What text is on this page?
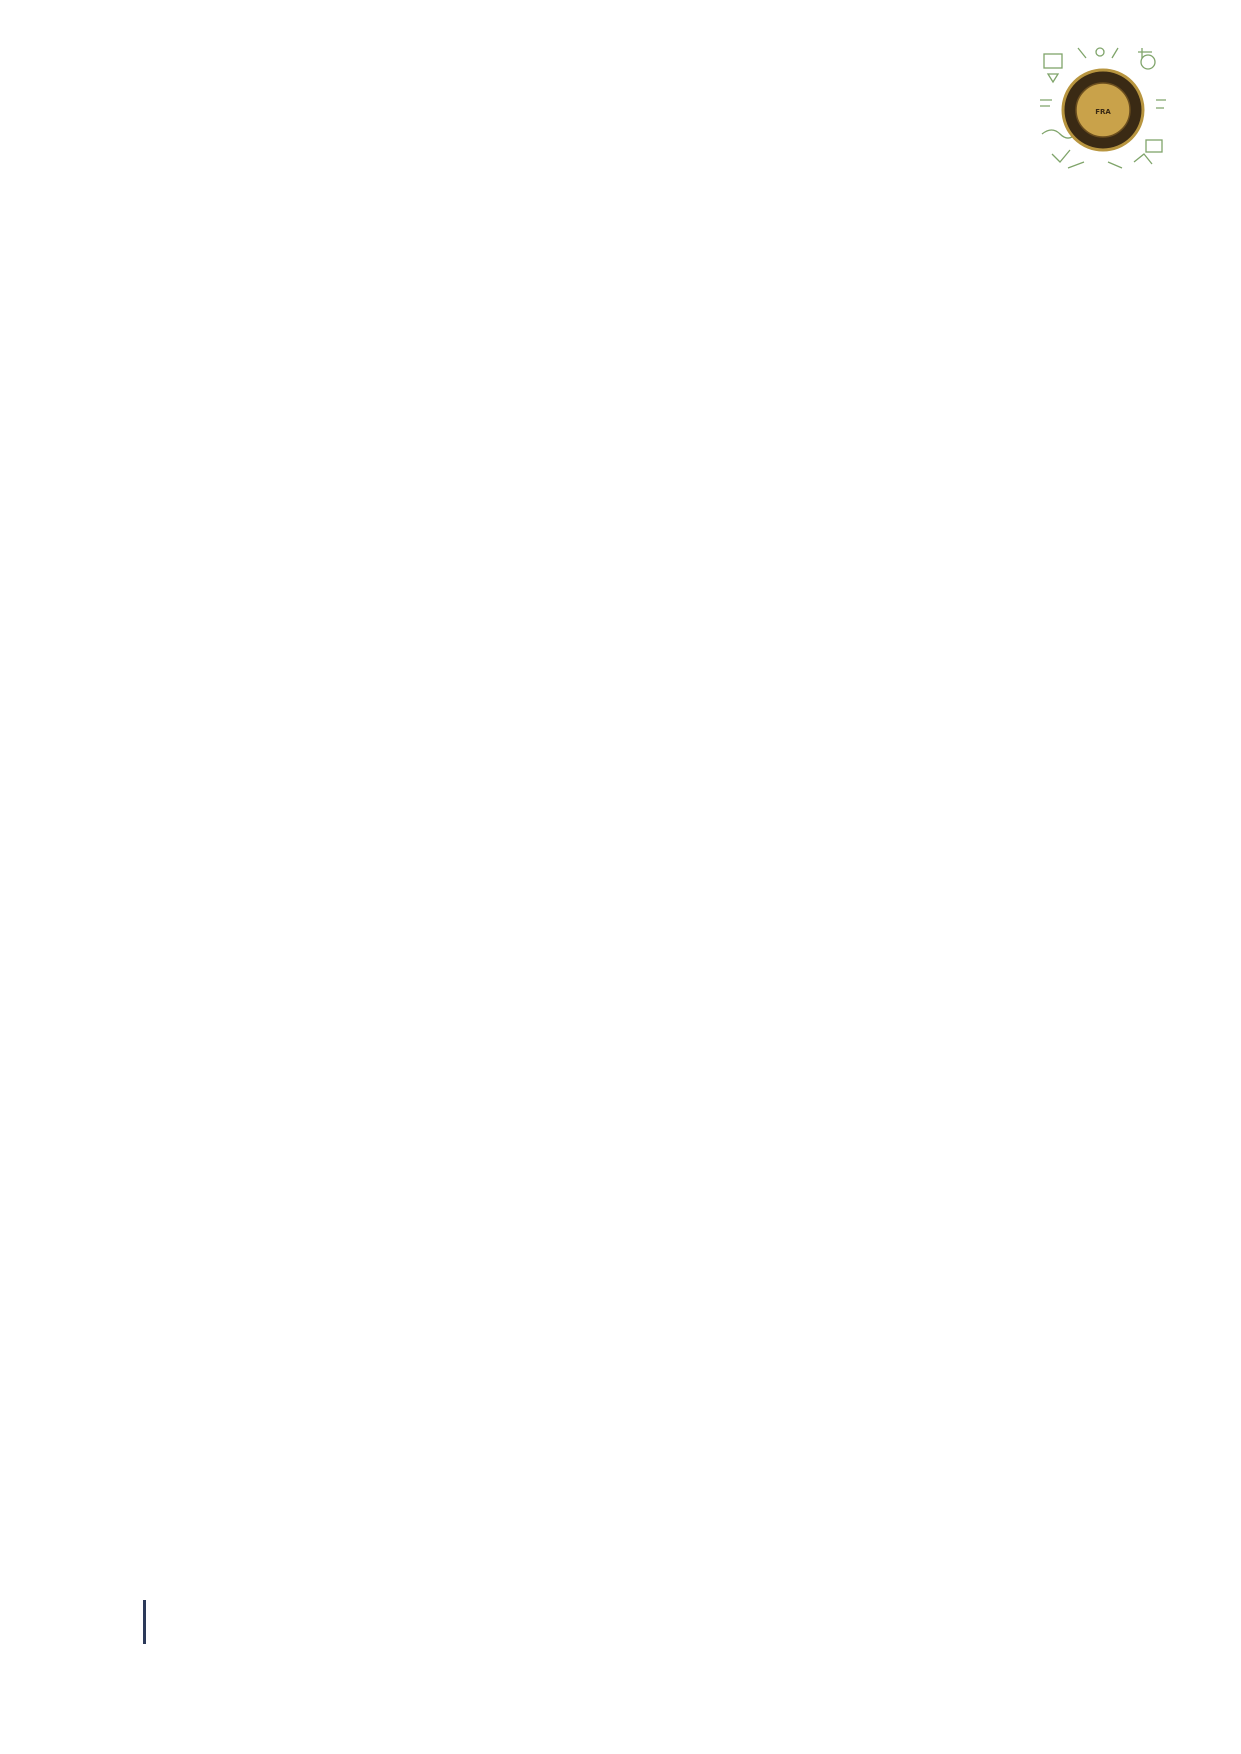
FRA
